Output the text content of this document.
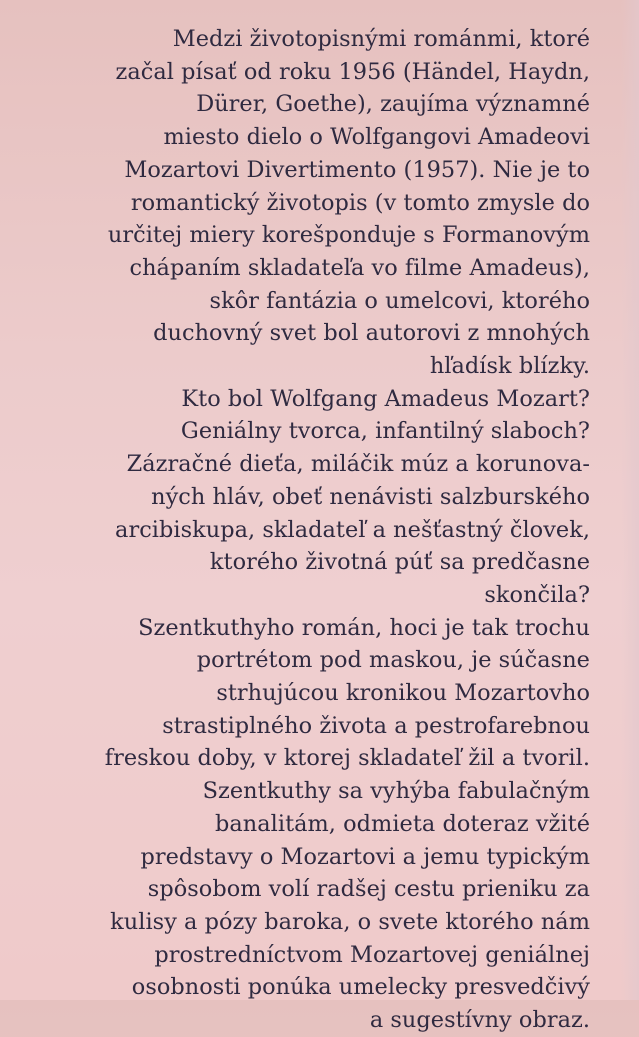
Medzi životopisnými románmi, ktoré
začal písať od roku 1956 (Händel, Haydn,
Dürer, Goethe), zaujíma významné
miesto dielo o Wolfgangovi Amadeovi
Mozartovi Divertimento (1957). Nie je to
romantický životopis (v tomto zmysle do
určitej miery korešponduje s Formanovým
chápaním skladateľa vo filme Amadeus),
skôr fantázia o umelcovi, ktorého
duchovný svet bol autorovi z mnohých
hľadísk blízky.
Kto bol Wolfgang Amadeus Mozart?
Geniálny tvorca, infantilný slaboch?
Zázračné dieťa, miláčik múz a korunova-
ných hláv, obeť nenávisti salzburského
arcibiskupa, skladateľ a nešťastný človek,
ktorého životná púť sa predčasne
skončila?
Szentkuthyho román, hoci je tak trochu
portrétom pod maskou, je súčasne
strhujúcou kronikou Mozartovho
strastiplného života a pestrofarebnou
freskou doby, v ktorej skladateľ žil a tvoril.
Szentkuthy sa vyhýba fabulačným
banalitám, odmieta doteraz vžité
predstavy o Mozartovi a jemu typickým
spôsobom volí radšej cestu prieniku za
kulisy a pózy baroka, o svete ktorého nám
prostredníctvom Mozartovej geniálnej
osobnosti ponúka umelecky presvedčivý
a sugestívny obraz.
